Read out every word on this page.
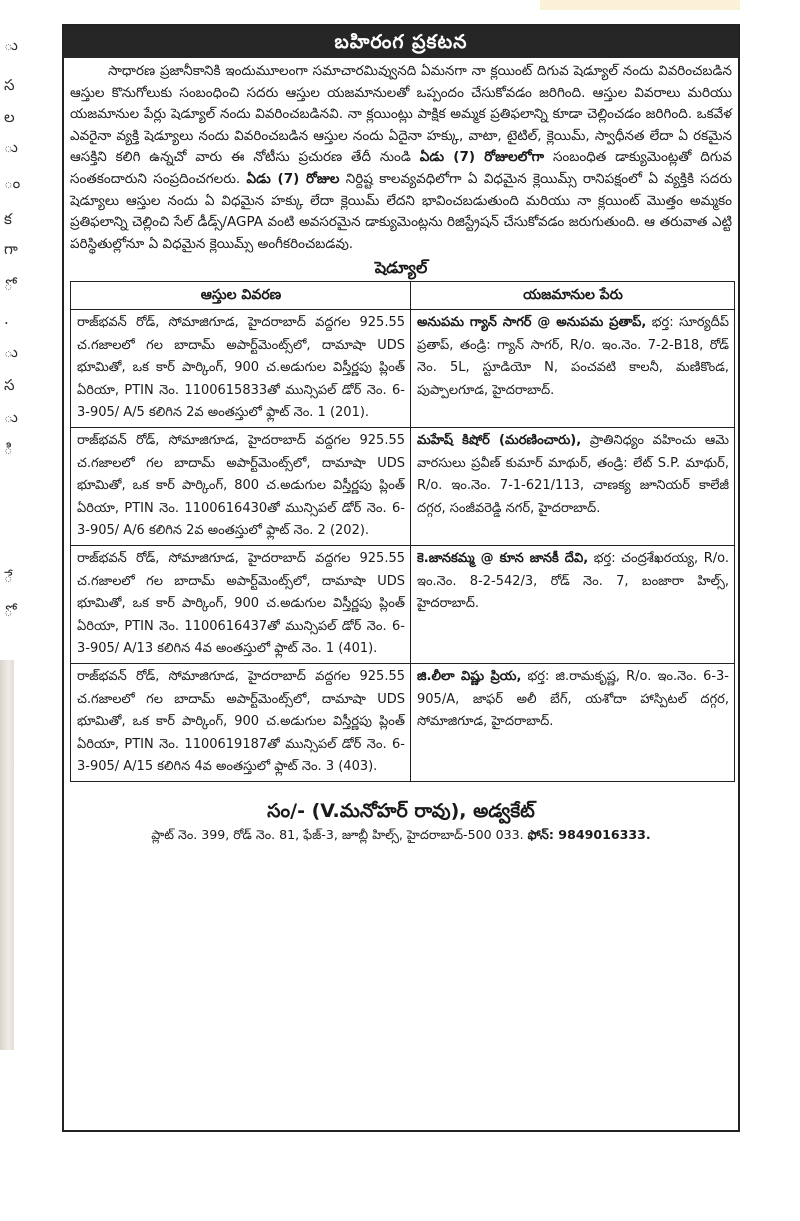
ు
స
ల
ు
ం
క
గా
ో
.
ు
స
ు
ి
ే
ో
బహిరంగ ప్రకటన
సాధారణ ప్రజానీకానికి ఇందుమూలంగా సమాచారమివ్వునది ఏమనగా నా క్లయింట్ దిగువ షెడ్యూల్ నందు వివరించబడిన ఆస్తుల కొనుగోలుకు సంబంధించి సదరు ఆస్తుల యజమానులతో ఒప్పందం చేసుకోవడం జరిగింది. ఆస్తుల వివరాలు మరియు యజమానుల పేర్లు షెడ్యూల్ నందు వివరించబడినవి. నా క్లయింట్లు పాక్షిక అమ్మక ప్రతిఫలాన్ని కూడా చెల్లించడం జరిగింది. ఒకవేళ ఎవరైనా వ్యక్తి షెడ్యూలు నందు వివరించబడిన ఆస్తుల నందు ఏదైనా హక్కు, వాటా, టైటిల్, క్లెయిమ్, స్వాధీనత లేదా ఏ రకమైన ఆసక్తిని కలిగి ఉన్నచో వారు ఈ నోటీసు ప్రచురణ తేదీ నుండి ఏడు (7) రోజులలోగా సంబంధిత డాక్యుమెంట్లతో దిగువ సంతకందారుని సంప్రదించగలరు. ఏడు (7) రోజుల నిర్దిష్ట కాలవ్యవధిలోగా ఏ విధమైన క్లెయిమ్స్ రానిపక్షంలో ఏ వ్యక్తికి సదరు షెడ్యూలు ఆస్తుల నందు ఏ విధమైన హక్కు లేదా క్లెయిమ్ లేదని భావించబడుతుంది మరియు నా క్లయింట్ మొత్తం అమ్మకం ప్రతిఫలాన్ని చెల్లించి సేల్ డీడ్స్/AGPA వంటి అవసరమైన డాక్యుమెంట్లను రిజిస్ట్రేషన్ చేసుకోవడం జరుగుతుంది. ఆ తరువాత ఎట్టి పరిస్థితుల్లోనూ ఏ విధమైన క్లెయిమ్స్ అంగీకరించబడవు.
షెడ్యూల్
ఆస్తుల వివరణ	యజమానుల పేరు
రాజ్‌భవన్ రోడ్, సోమాజిగూడ, హైదరాబాద్ వద్దగల 925.55 చ.గజాలలో గల బాదామ్ అపార్ట్‌మెంట్స్‌లో, దామాషా UDS భూమితో, ఒక కార్ పార్కింగ్, 900 చ.అడుగుల విస్తీర్ణపు ప్లింత్ ఏరియా, PTIN నెం. 1100615833తో మున్సిపల్ డోర్ నెం. 6-3-905/ A/5 కలిగిన 2వ అంతస్తులో ఫ్లాట్ నెం. 1 (201).	అనుపమ గ్యాన్ సాగర్ @ అనుపమ ప్రతాప్, భర్త: సూర్యదీప్ ప్రతాప్, తండ్రి: గ్యాన్ సాగర్, R/o. ఇం.నెం. 7-2-B18, రోడ్ నెం. 5L, స్టూడియో N, పంచవటి కాలనీ, మణికొండ, పుప్పాలగూడ, హైదరాబాద్.
రాజ్‌భవన్ రోడ్, సోమాజిగూడ, హైదరాబాద్ వద్దగల 925.55 చ.గజాలలో గల బాదామ్ అపార్ట్‌మెంట్స్‌లో, దామాషా UDS భూమితో, ఒక కార్ పార్కింగ్, 800 చ.అడుగుల విస్తీర్ణపు ప్లింత్ ఏరియా, PTIN నెం. 1100616430తో మున్సిపల్ డోర్ నెం. 6-3-905/ A/6 కలిగిన 2వ అంతస్తులో ఫ్లాట్ నెం. 2 (202).	మహేష్ కిషోర్ (మరణించారు), ప్రాతినిధ్యం వహించు ఆమె వారసులు ప్రవీణ్ కుమార్ మాథుర్, తండ్రి: లేట్ S.P. మాథుర్, R/o. ఇం.నెం. 7-1-621/113, చాణక్య జూనియర్ కాలేజీ దగ్గర, సంజీవరెడ్డి నగర్, హైదరాబాద్.
రాజ్‌భవన్ రోడ్, సోమాజిగూడ, హైదరాబాద్ వద్దగల 925.55 చ.గజాలలో గల బాదామ్ అపార్ట్‌మెంట్స్‌లో, దామాషా UDS భూమితో, ఒక కార్ పార్కింగ్, 900 చ.అడుగుల విస్తీర్ణపు ప్లింత్ ఏరియా, PTIN నెం. 1100616437తో మున్సిపల్ డోర్ నెం. 6-3-905/ A/13 కలిగిన 4వ అంతస్తులో ఫ్లాట్ నెం. 1 (401).	కె.జానకమ్మ @ కూన జానకీ దేవి, భర్త: చంద్రశేఖరయ్య, R/o. ఇం.నెం. 8-2-542/3, రోడ్ నెం. 7, బంజారా హిల్స్, హైదరాబాద్.
రాజ్‌భవన్ రోడ్, సోమాజిగూడ, హైదరాబాద్ వద్దగల 925.55 చ.గజాలలో గల బాదామ్ అపార్ట్‌మెంట్స్‌లో, దామాషా UDS భూమితో, ఒక కార్ పార్కింగ్, 900 చ.అడుగుల విస్తీర్ణపు ప్లింత్ ఏరియా, PTIN నెం. 1100619187తో మున్సిపల్ డోర్ నెం. 6-3-905/ A/15 కలిగిన 4వ అంతస్తులో ఫ్లాట్ నెం. 3 (403).	జి.లీలా విష్ణు ప్రియ, భర్త: జి.రామకృష్ణ, R/o. ఇం.నెం. 6-3-905/A, జాఫర్ అలీ బేగ్, యశోదా హాస్పిటల్ దగ్గర, సోమాజిగూడ, హైదరాబాద్.
సం/- (V.మనోహర్ రావు), అడ్వకేట్
ప్లాట్ నెం. 399, రోడ్ నెం. 81, ఫేజ్-3, జూబ్లీ హిల్స్, హైదరాబాద్-500 033. ఫోన్: 9849016333.
